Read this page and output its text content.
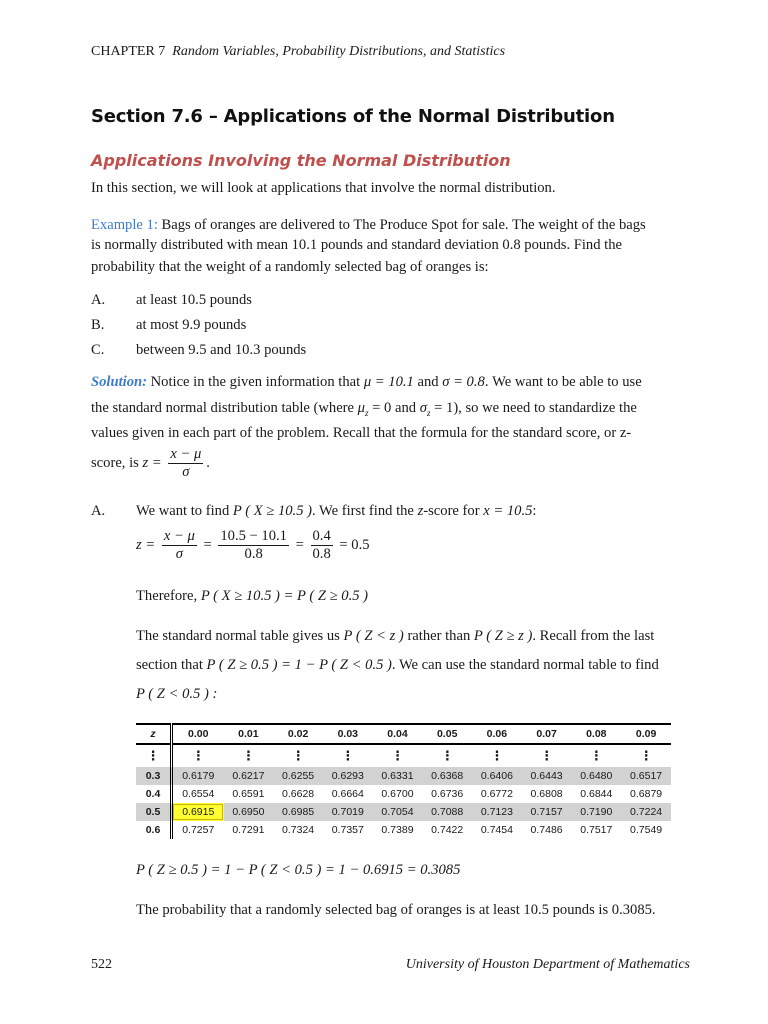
CHAPTER 7 Random Variables, Probability Distributions, and Statistics
Section 7.6 – Applications of the Normal Distribution
Applications Involving the Normal Distribution
In this section, we will look at applications that involve the normal distribution.
Example 1: Bags of oranges are delivered to The Produce Spot for sale. The weight of the bags
is normally distributed with mean 10.1 pounds and standard deviation 0.8 pounds. Find the
probability that the weight of a randomly selected bag of oranges is:
A. at least 10.5 pounds
B. at most 9.9 pounds
C. between 9.5 and 10.3 pounds
Solution: Notice in the given information that μ = 10.1 and σ = 0.8. We want to be able to use
the standard normal distribution table (where $\mu_z = 0$ and $\sigma_z = 1$), so we need to standardize the
values given in each part of the problem. Recall that the formula for the standard score, or z-
score, is $z = \frac{x - \mu}{\sigma}$ .
A. We want to find P ( X ≥ 10.5 ). We first find the z-score for x = 10.5:
$z = \frac{x - \mu}{\sigma} = \frac{10.5 - 10.1}{0.8} = \frac{0.4}{0.8} = 0.5$
Therefore, P ( X ≥ 10.5 ) = P ( Z ≥ 0.5 )
The standard normal table gives us P ( Z < z ) rather than P ( Z ≥ z ). Recall from the last
section that P ( Z ≥ 0.5 ) = 1 − P ( Z < 0.5 ). We can use the standard normal table to find
P ( Z < 0.5 ) :
z	0.00	0.01	0.02	0.03	0.04	0.05	0.06	0.07	0.08	0.09
⋮	⋮	⋮	⋮	⋮	⋮	⋮	⋮	⋮	⋮	⋮
0.3	0.6179	0.6217	0.6255	0.6293	0.6331	0.6368	0.6406	0.6443	0.6480	0.6517
0.4	0.6554	0.6591	0.6628	0.6664	0.6700	0.6736	0.6772	0.6808	0.6844	0.6879
0.5	0.6915	0.6950	0.6985	0.7019	0.7054	0.7088	0.7123	0.7157	0.7190	0.7224
0.6	0.7257	0.7291	0.7324	0.7357	0.7389	0.7422	0.7454	0.7486	0.7517	0.7549
P ( Z ≥ 0.5 ) = 1 − P ( Z < 0.5 ) = 1 − 0.6915 = 0.3085
The probability that a randomly selected bag of oranges is at least 10.5 pounds is 0.3085.
522	University of Houston Department of Mathematics
